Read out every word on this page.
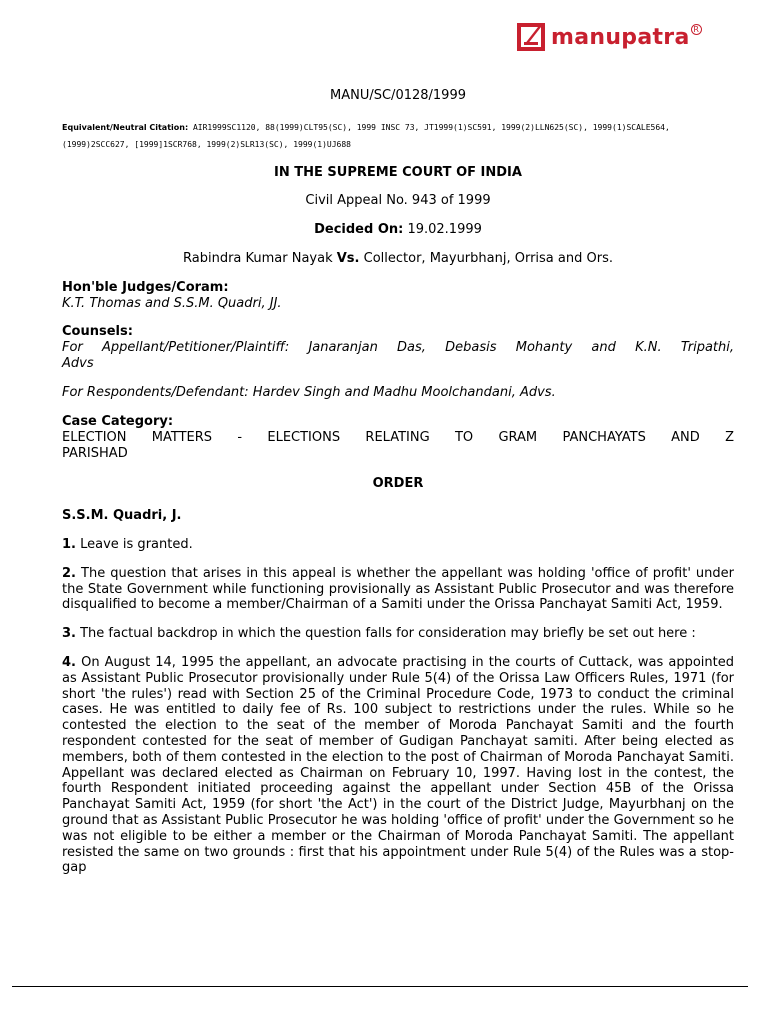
manupatra R
MANU/SC/0128/1999
Equivalent/Neutral Citation: AIR1999SC1120, 88(1999)CLT95(SC), 1999 INSC 73, JT1999(1)SC591, 1999(2)LLN625(SC), 1999(1)SCALE564, (1999)2SCC627, [1999]1SCR768, 1999(2)SLR13(SC), 1999(1)UJ688
IN THE SUPREME COURT OF INDIA
Civil Appeal No. 943 of 1999
Decided On: 19.02.1999
Rabindra Kumar Nayak Vs. Collector, Mayurbhanj, Orrisa and Ors.
Hon'ble Judges/Coram:
K.T. Thomas and S.S.M. Quadri, JJ.
Counsels:
For Appellant/Petitioner/Plaintiff: Janaranjan Das, Debasis Mohanty and K.N. Tripathi,
Advs
For Respondents/Defendant: Hardev Singh and Madhu Moolchandani, Advs.
Case Category:
ELECTION MATTERS - ELECTIONS RELATING TO GRAM PANCHAYATS AND Z
PARISHAD
ORDER
S.S.M. Quadri, J.

1. Leave is granted.

2. The question that arises in this appeal is whether the appellant was holding 'office of profit' under the State Government while functioning provisionally as Assistant Public Prosecutor and was therefore disqualified to become a member/Chairman of a Samiti under the Orissa Panchayat Samiti Act, 1959.

3. The factual backdrop in which the question falls for consideration may briefly be set out here :

4. On August 14, 1995 the appellant, an advocate practising in the courts of Cuttack, was appointed as Assistant Public Prosecutor provisionally under Rule 5(4) of the Orissa Law Officers Rules, 1971 (for short 'the rules') read with Section 25 of the Criminal Procedure Code, 1973 to conduct the criminal cases. He was entitled to daily fee of Rs. 100 subject to restrictions under the rules. While so he contested the election to the seat of the member of Moroda Panchayat Samiti and the fourth respondent contested for the seat of member of Gudigan Panchayat samiti. After being elected as members, both of them contested in the election to the post of Chairman of Moroda Panchayat Samiti. Appellant was declared elected as Chairman on February 10, 1997. Having lost in the contest, the fourth Respondent initiated proceeding against the appellant under Section 45B of the Orissa Panchayat Samiti Act, 1959 (for short 'the Act') in the court of the District Judge, Mayurbhanj on the ground that as Assistant Public Prosecutor he was holding 'office of profit' under the Government so he was not eligible to be either a member or the Chairman of Moroda Panchayat Samiti. The appellant resisted the same on two grounds : first that his appointment under Rule 5(4) of the Rules was a stop-gap
